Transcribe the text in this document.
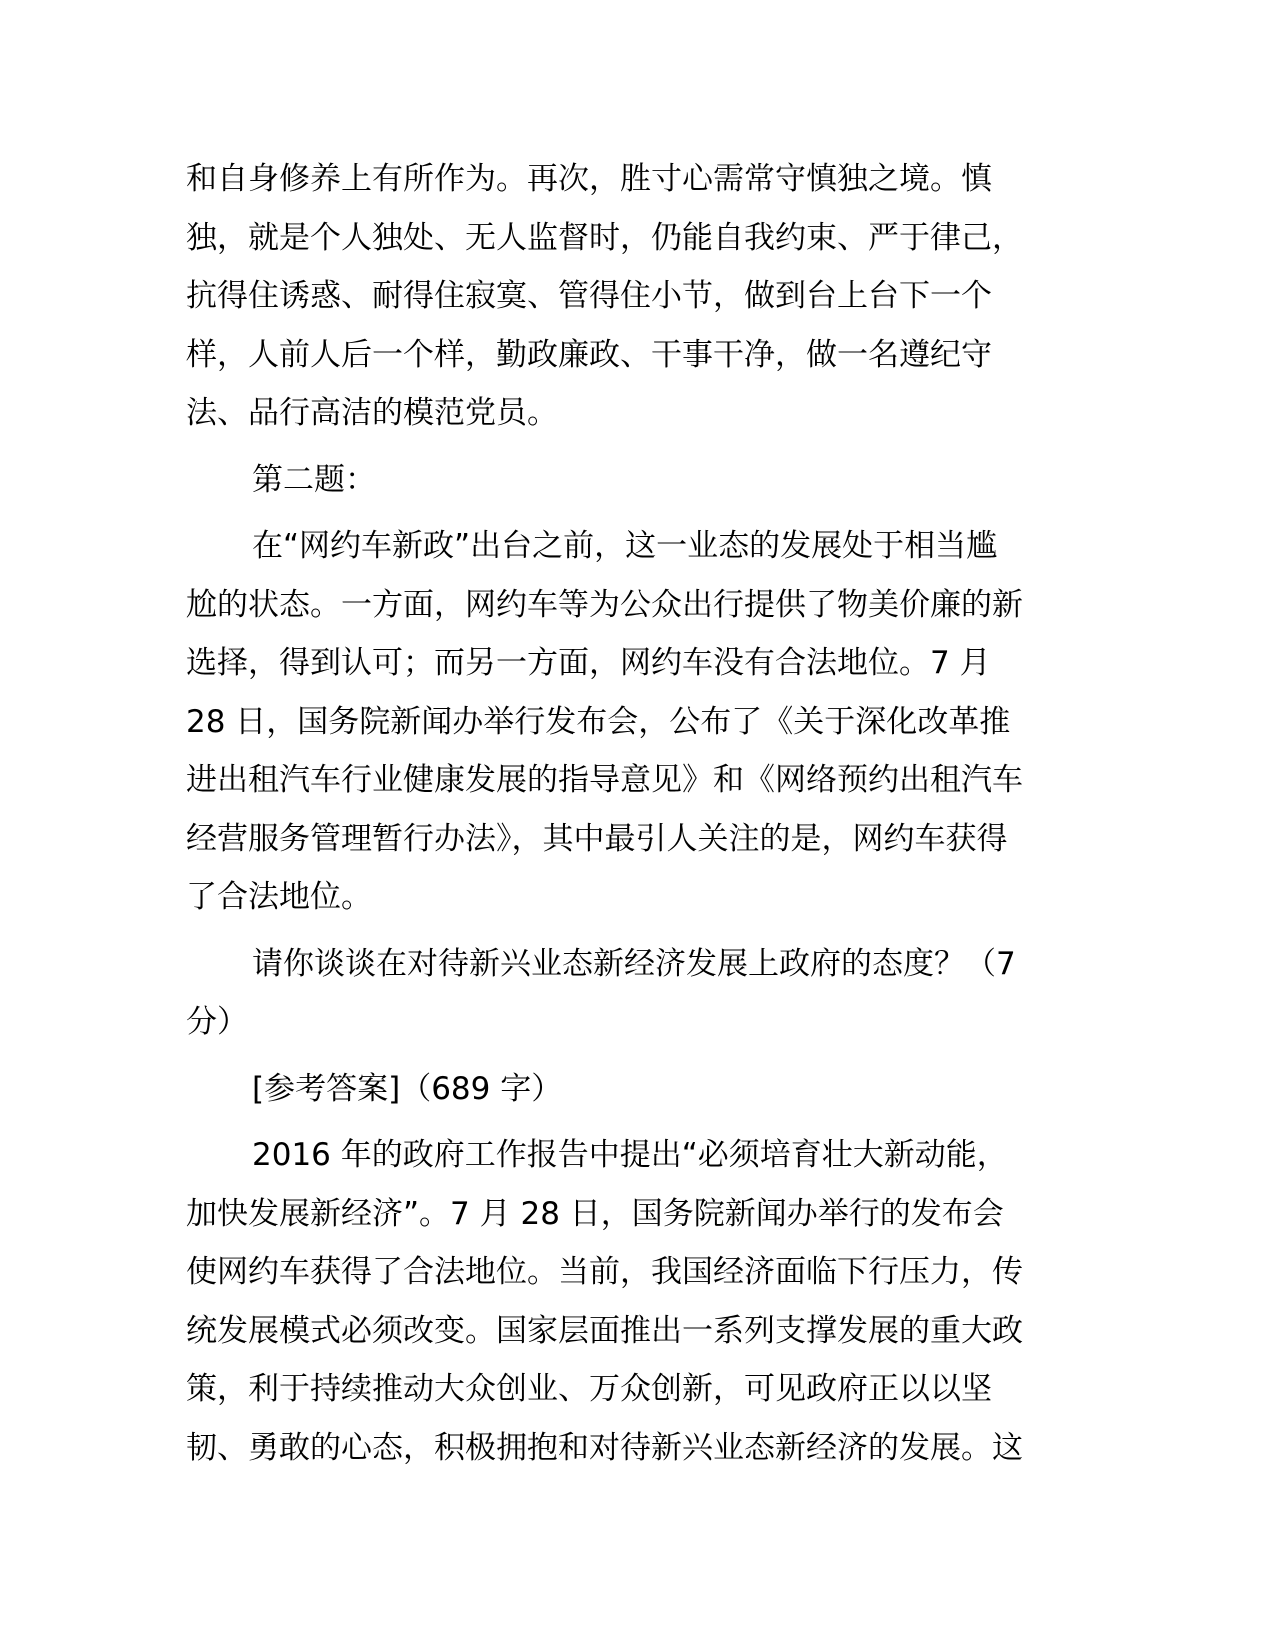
和自身修养上有所作为。再次，胜寸心需常守慎独之境。慎
独，就是个人独处、无人监督时，仍能自我约束、严于律己，
抗得住诱惑、耐得住寂寞、管得住小节，做到台上台下一个
样，人前人后一个样，勤政廉政、干事干净，做一名遵纪守
法、品行高洁的模范党员。
第二题：
在“网约车新政”出台之前，这一业态的发展处于相当尴
尬的状态。一方面，网约车等为公众出行提供了物美价廉的新
选择，得到认可；而另一方面，网约车没有合法地位。7 月
28 日，国务院新闻办举行发布会，公布了《关于深化改革推
进出租汽车行业健康发展的指导意见》和《网络预约出租汽车
经营服务管理暂行办法》，其中最引人关注的是，网约车获得
了合法地位。
请你谈谈在对待新兴业态新经济发展上政府的态度？（7
分）
[参考答案]（689 字）
2016 年的政府工作报告中提出“必须培育壮大新动能，
加快发展新经济”。7 月 28 日，国务院新闻办举行的发布会
使网约车获得了合法地位。当前，我国经济面临下行压力，传
统发展模式必须改变。国家层面推出一系列支撑发展的重大政
策，利于持续推动大众创业、万众创新，可见政府正以以坚
韧、勇敢的心态，积极拥抱和对待新兴业态新经济的发展。这
